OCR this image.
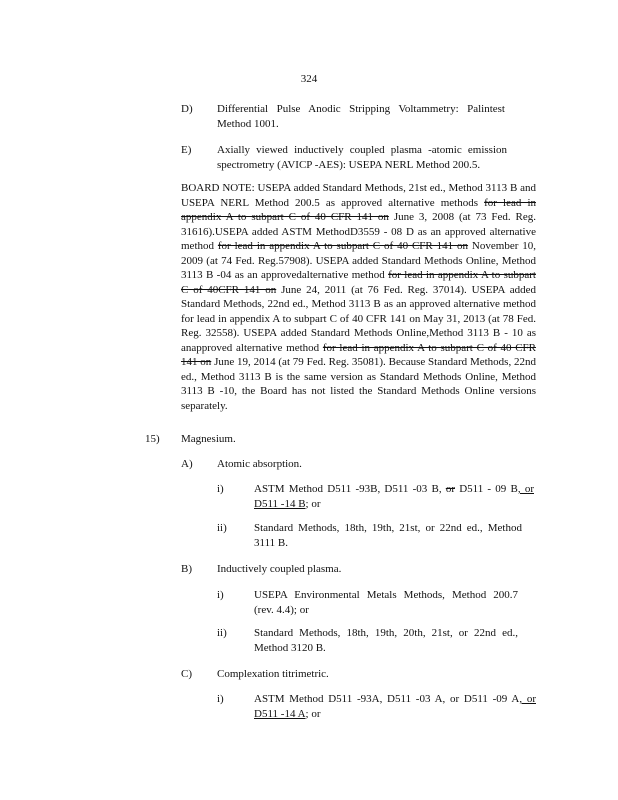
324
D) Differential Pulse Anodic Stripping Voltammetry: Palintest Method 1001.
E) Axially viewed inductively coupled plasma -atomic emission spectrometry (AVICP -AES): USEPA NERL Method 200.5.
BOARD NOTE: USEPA added Standard Methods, 21st ed., Method 3113 B and USEPA NERL Method 200.5 as approved alternative methods for lead in appendix A to subpart C of 40 CFR 141 on June 3, 2008 (at 73 Fed. Reg. 31616).USEPA added ASTM MethodD3559 - 08 D as an approved alternative method for lead in appendix A to subpart C of 40 CFR 141 on November 10, 2009 (at 74 Fed. Reg.57908). USEPA added Standard Methods Online, Method 3113 B -04 as an approvedalternative method for lead in appendix A to subpart C of 40CFR 141 on June 24, 2011 (at 76 Fed. Reg. 37014). USEPA added Standard Methods, 22nd ed., Method 3113 B as an approved alternative method for lead in appendix A to subpart C of 40 CFR 141 on May 31, 2013 (at 78 Fed. Reg. 32558). USEPA added Standard Methods Online,Method 3113 B - 10 as anapproved alternative method for lead in appendix A to subpart C of 40 CFR 141 on June 19, 2014 (at 79 Fed. Reg. 35081). Because Standard Methods, 22nd ed., Method 3113 B is the same version as Standard Methods Online, Method 3113 B -10, the Board has not listed the Standard Methods Online versions separately.
15) Magnesium.
A) Atomic absorption.
i)	ASTM Method D511 -93B, D511 -03 B, or D511 - 09 B, or D511 -14 B; or
ii) Standard Methods, 18th, 19th, 21st, or 22nd ed., Method 3111 B.
B) Inductively coupled plasma.
i)	USEPA Environmental Metals Methods, Method 200.7 (rev. 4.4); or
ii) Standard Methods, 18th, 19th, 20th, 21st, or 22nd ed., Method 3120 B.
C) Complexation titrimetric.
i)	ASTM Method D511 -93A, D511 -03 A, or D511 -09 A, or D511 -14 A; or
